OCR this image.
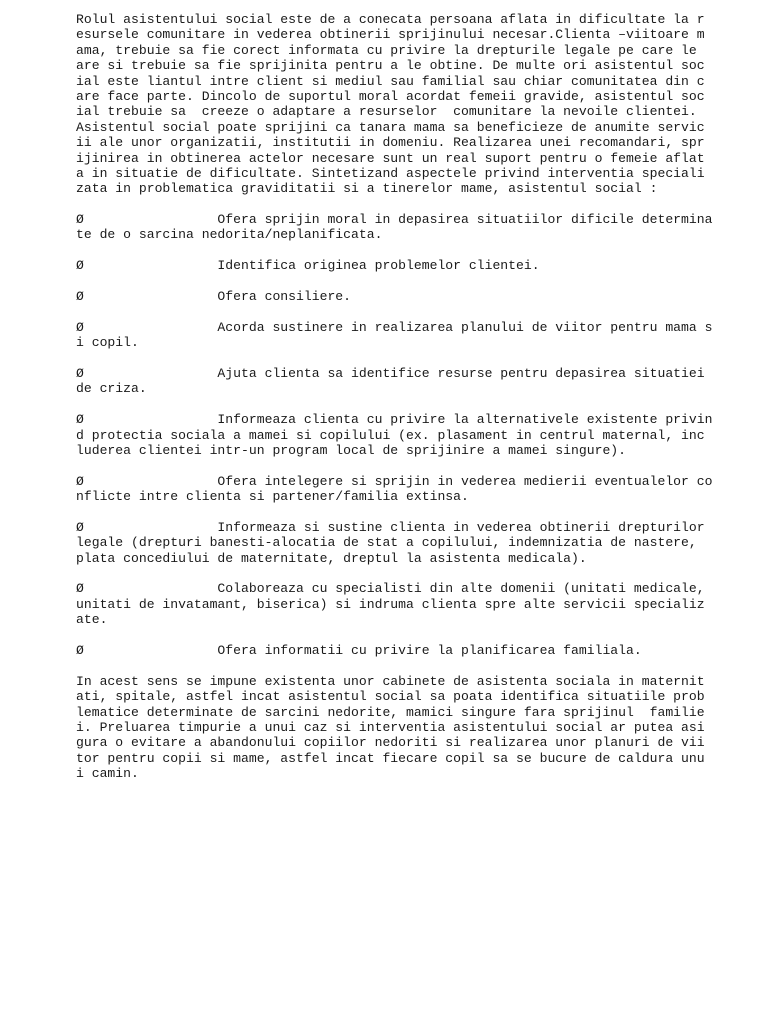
Rolul asistentului social este de a conecata persoana aflata in dificultate la r
esursele comunitare in vederea obtinerii sprijinului necesar.Clienta –viitoare m
ama, trebuie sa fie corect informata cu privire la drepturile legale pe care le
are si trebuie sa fie sprijinita pentru a le obtine. De multe ori asistentul soc
ial este liantul intre client si mediul sau familial sau chiar comunitatea din c
are face parte. Dincolo de suportul moral acordat femeii gravide, asistentul soc
ial trebuie sa  creeze o adaptare a resurselor  comunitare la nevoile clientei.
Asistentul social poate sprijini ca tanara mama sa beneficieze de anumite servic
ii ale unor organizatii, institutii in domeniu. Realizarea unei recomandari, spr
ijinirea in obtinerea actelor necesare sunt un real suport pentru o femeie aflat
a in situatie de dificultate. Sintetizand aspectele privind interventia speciali
zata in problematica graviditatii si a tinerelor mame, asistentul social :
Ø                 Ofera sprijin moral in depasirea situatiilor dificile determina
te de o sarcina nedorita/neplanificata.
Ø                 Identifica originea problemelor clientei.
Ø                 Ofera consiliere.
Ø                 Acorda sustinere in realizarea planului de viitor pentru mama s
i copil.
Ø                 Ajuta clienta sa identifice resurse pentru depasirea situatiei
de criza.
Ø                 Informeaza clienta cu privire la alternativele existente privin
d protectia sociala a mamei si copilului (ex. plasament in centrul maternal, inc
luderea clientei intr-un program local de sprijinire a mamei singure).
Ø                 Ofera intelegere si sprijin in vederea medierii eventualelor co
nflicte intre clienta si partener/familia extinsa.
Ø                 Informeaza si sustine clienta in vederea obtinerii drepturilor
legale (drepturi banesti-alocatia de stat a copilului, indemnizatia de nastere,
plata concediului de maternitate, dreptul la asistenta medicala).
Ø                 Colaboreaza cu specialisti din alte domenii (unitati medicale,
unitati de invatamant, biserica) si indruma clienta spre alte servicii specializ
ate.
Ø                 Ofera informatii cu privire la planificarea familiala.
In acest sens se impune existenta unor cabinete de asistenta sociala in maternit
ati, spitale, astfel incat asistentul social sa poata identifica situatiile prob
lematice determinate de sarcini nedorite, mamici singure fara sprijinul  familie
i. Preluarea timpurie a unui caz si interventia asistentului social ar putea asi
gura o evitare a abandonului copiilor nedoriti si realizarea unor planuri de vii
tor pentru copii si mame, astfel incat fiecare copil sa se bucure de caldura unu
i camin.
